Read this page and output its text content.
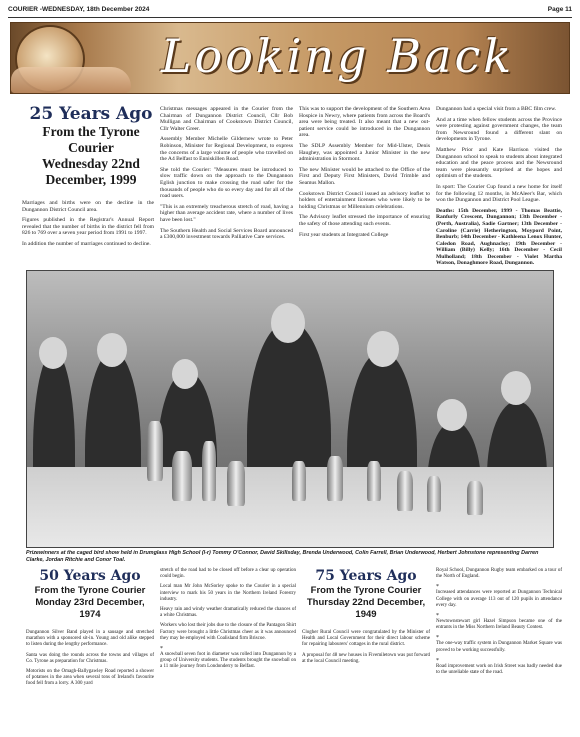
COURIER -WEDNESDAY, 18th December 2024	Page 11
Looking Back
25 Years Ago
From the Tyrone Courier
Wednesday 22nd December, 1999

Marriages and births were on the decline in the Dungannon District Council area.

Figures published in the Registrar's Annual Report revealed that the number of births in the district fell from 826 to 769 over a seven year period from 1991 to 1997.

In addition the number of marriages continued to decline.

Christmas messages appeared in the Courier from the Chairman of Dungannon District Council, Cllr Bob Mulligan and Chairman of Cookstown District Council, Cllr Walter Greer.

Assembly Member Michelle Gildernew wrote to Peter Robinson, Minister for Regional Development, to express the concerns of a large volume of people who travelled on the A4 Belfast to Enniskillen Road.

She told the Courier: "Measures must be introduced to slow traffic down on the approach to the Dungannon Eglish junction to make crossing the road safer for the thousands of people who do so every day and for all of the road users.

"This is an extremely treacherous stretch of road, having a higher than average accident rate, where a number of lives have been lost."

The Southern Health and Social Services Board announced a £300,000 investment towards Palliative Care services.

This was to support the development of the Southern Area Hospice in Newry, where patients from across the Board's area were being treated. It also meant that a new out-patient service could be introduced in the Dungannon area.

The SDLP Assembly Member for Mid-Ulster, Denis Haughey, was appointed a Junior Minister in the new administration in Stormont.

The new Minister would be attached to the Office of the First and Deputy First Ministers, David Trimble and Seamus Mallon.

Cookstown District Council issued an advisory leaflet to holders of entertainment licenses who were likely to be holding Christmas or Millennium celebrations.

The Advisory leaflet stressed the importance of ensuring the safety of those attending such events.

First year students at Integrated College

Dungannon had a special visit from a BBC film crew.

And at a time when fellow students across the Province were protesting against government changes, the team from Newsround found a different slant on developments in Tyrone.

Matthew Prior and Kate Harrison visited the Dungannon school to speak to students about integrated education and the peace process and the Newsround team were pleasantly surprised at the hopes and optimism of the students.

In sport: The Courier Cup found a new home for itself for the following 12 months, in McAleer's Bar, which won the Dungannon and District Pool League.

Deaths: 15th December, 1999 - Thomas Beattie, Ranfurly Crescent, Dungannon; 13th December - (Perth, Australia), Sadie Gartner; 13th December - Caroline (Carrie) Hetherington, Moypord Point, Benburb; 14th December - Kathleena Lenox Hunter, Caledon Road, Aughnacloy; 19th December - William (Billy) Kelly; 16th December - Cecil Mulholland; 18th December - Violet Martha Watson, Donaghmore Road, Dungannon.

Prizewinners at the caged bird show held in Drumglass High School (l-r) Tommy O'Connor, David Skillsday, Brenda Underwood, Colin Farrell, Brian Underwood, Herbert Johnstone representing Darren Clarke, Jordan Ritchie and Conor Toal.
50 Years Ago
From the Tyrone Courier
Monday 23rd December, 1974

Dungannon Silver Band played in a sausage and stretched marathon with a sponsored sit-in. Young and old alike stepped to listen during the lengthy performance.

Santa was doing the rounds across the towns and villages of Co. Tyrone as preparation for Christmas.

Motorists on the Omagh-Ballygawley Road reported a shower of potatoes in the area when several tons of Ireland's favourite food fell from a lorry. A 300 yard

stretch of the road had to be closed off before a clear up operation could begin.

Local man Mr John McSorley spoke to the Courier in a special interview to mark his 50 years in the Northern Ireland Forestry industry.

Heavy rain and windy weather dramatically reduced the chances of a white Christmas.

Workers who lost their jobs due to the closure of the Pantagon Shirt Factory were brought a little Christmas cheer as it was announced they may be employed with Coalisland firm Briscoe.

*
A snowball seven foot in diameter was rolled into Dungannon by a group of University students. The students brought the snowball on a 11 mile journey from Londonderry to Belfast.

75 Years Ago
From the Tyrone Courier
Thursday 22nd December, 1949

Clogher Rural Council were congratulated by the Minister of Health and Local Government for their direct labour scheme for repairing labourers' cottages in the rural district.

A proposal for 48 new houses in Fivemiletown was put forward at the local Council meeting.

Royal School, Dungannon Rugby team embarked on a tour of the North of England.

*
Increased attendances were reported at Dungannon Technical College with on average 113 out of 120 pupils in attendance every day.

*
Newtownstewart girl Hazel Simpson became one of the entrants in the Miss Northern Ireland Beauty Contest.

*
The one-way traffic system in Dungannon Market Square was proved to be working successfully.

*
Road improvement work on Irish Street was badly needed due to the unreliable state of the road.
